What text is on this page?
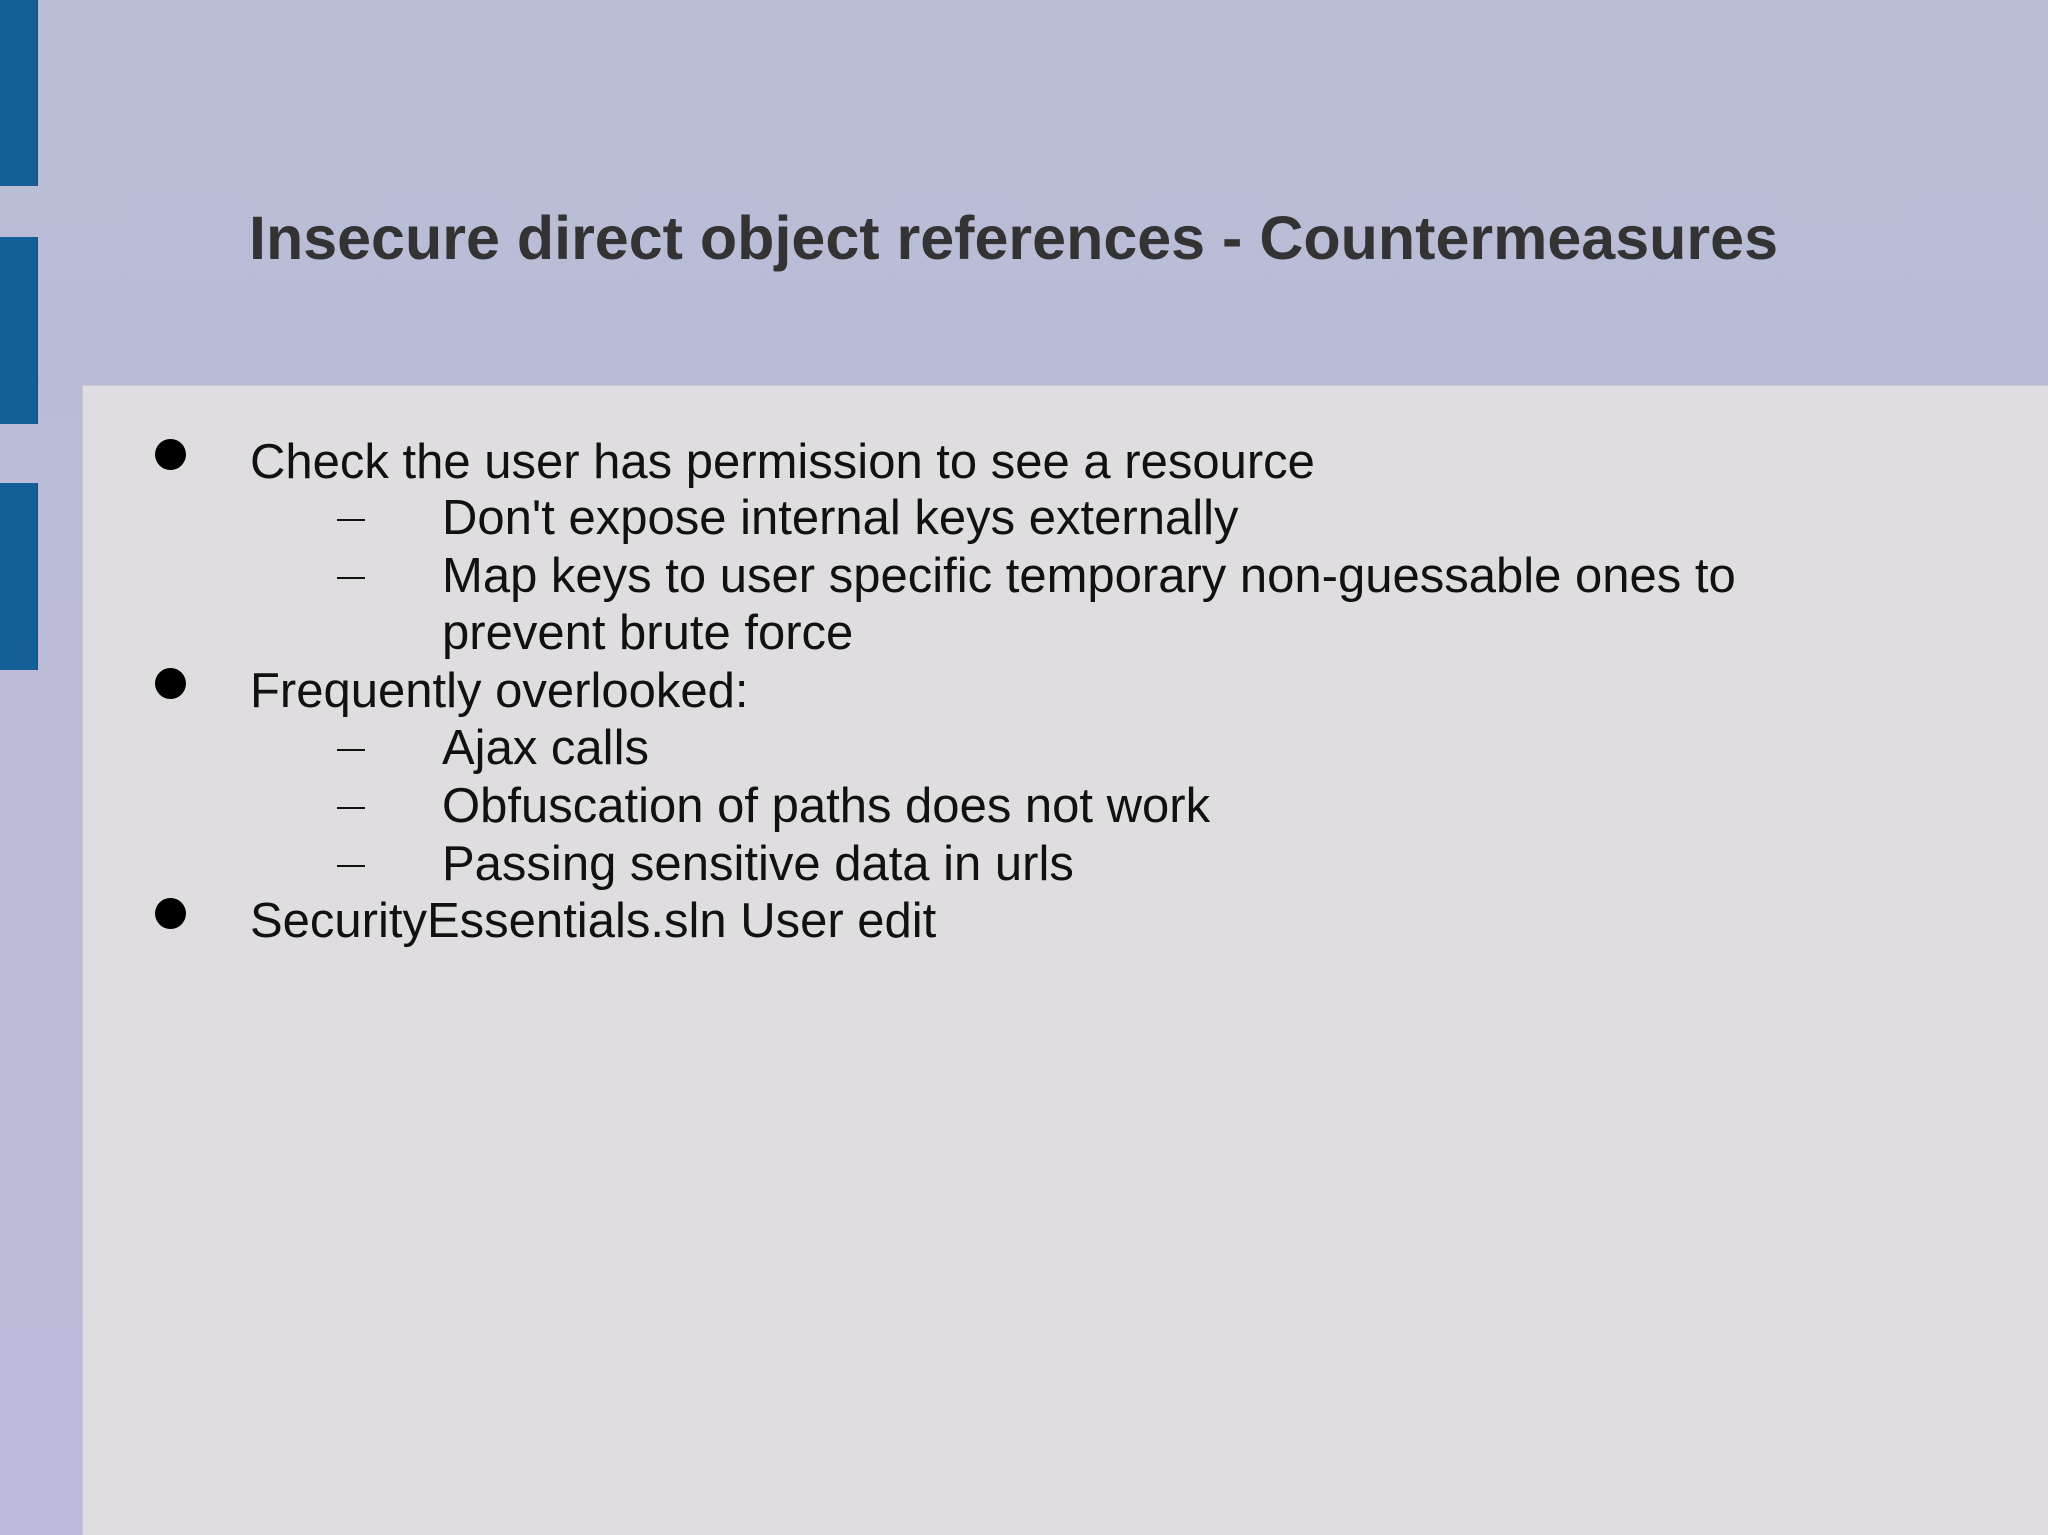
Insecure direct object references - Countermeasures
Check the user has permission to see a resource
Don't expose internal keys externally
Map keys to user specific temporary non-guessable ones to
prevent brute force
Frequently overlooked:
Ajax calls
Obfuscation of paths does not work
Passing sensitive data in urls
SecurityEssentials.sln User edit
